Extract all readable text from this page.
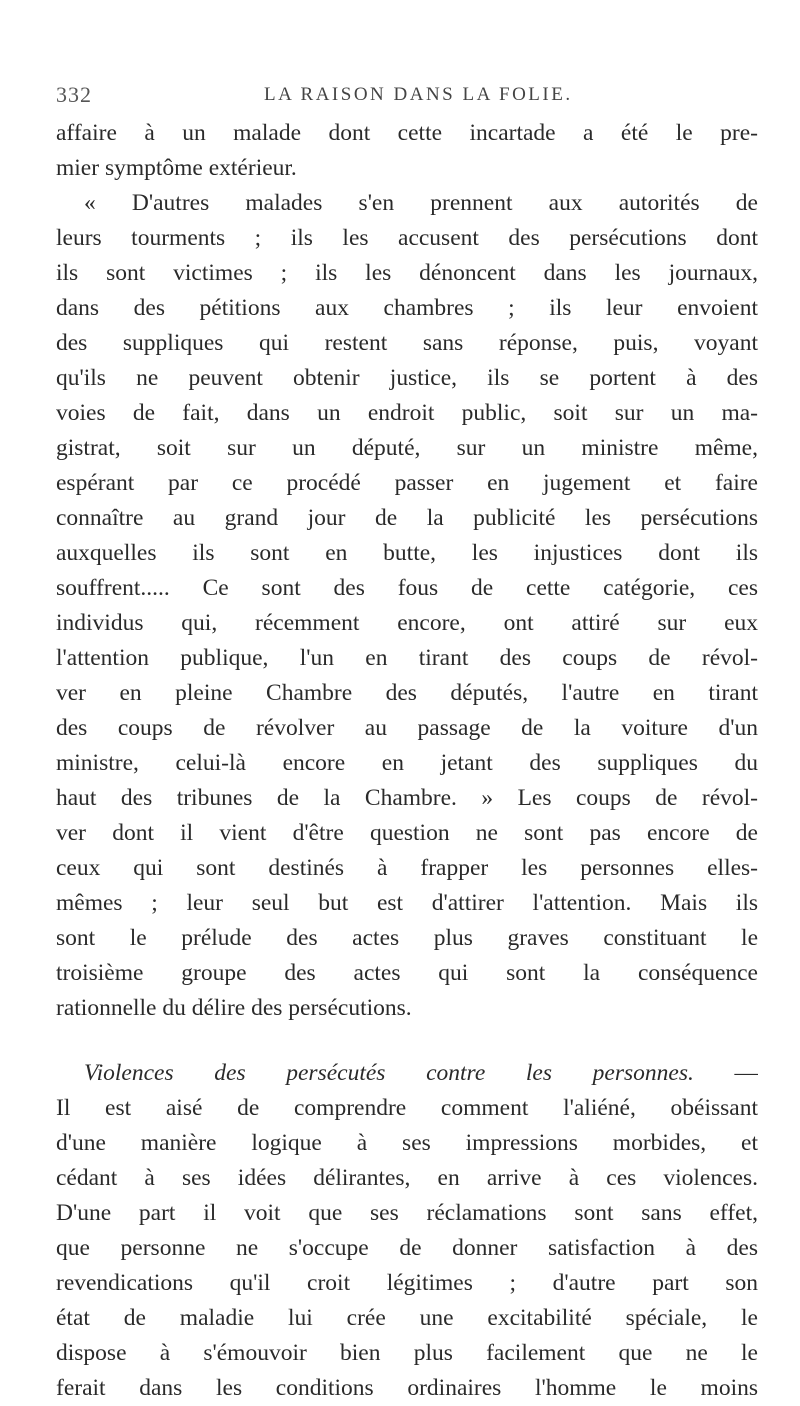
332	LA RAISON DANS LA FOLIE.
affaire à un malade dont cette incartade a été le pre-
mier symptôme extérieur.
« D'autres malades s'en prennent aux autorités de
leurs tourments ; ils les accusent des persécutions dont
ils sont victimes ; ils les dénoncent dans les journaux,
dans des pétitions aux chambres ; ils leur envoient
des suppliques qui restent sans réponse, puis, voyant
qu'ils ne peuvent obtenir justice, ils se portent à des
voies de fait, dans un endroit public, soit sur un ma-
gistrat, soit sur un député, sur un ministre même,
espérant par ce procédé passer en jugement et faire
connaître au grand jour de la publicité les persécutions
auxquelles ils sont en butte, les injustices dont ils
souffrent..... Ce sont des fous de cette catégorie, ces
individus qui, récemment encore, ont attiré sur eux
l'attention publique, l'un en tirant des coups de révol-
ver en pleine Chambre des députés, l'autre en tirant
des coups de révolver au passage de la voiture d'un
ministre, celui-là encore en jetant des suppliques du
haut des tribunes de la Chambre. » Les coups de révol-
ver dont il vient d'être question ne sont pas encore de
ceux qui sont destinés à frapper les personnes elles-
mêmes ; leur seul but est d'attirer l'attention. Mais ils
sont le prélude des actes plus graves constituant le
troisième groupe des actes qui sont la conséquence
rationnelle du délire des persécutions.
Violences des persécutés contre les personnes. —
Il est aisé de comprendre comment l'aliéné, obéissant
d'une manière logique à ses impressions morbides, et
cédant à ses idées délirantes, en arrive à ces violences.
D'une part il voit que ses réclamations sont sans effet,
que personne ne s'occupe de donner satisfaction à des
revendications qu'il croit légitimes ; d'autre part son
état de maladie lui crée une excitabilité spéciale, le
dispose à s'émouvoir bien plus facilement que ne le
ferait dans les conditions ordinaires l'homme le moins
